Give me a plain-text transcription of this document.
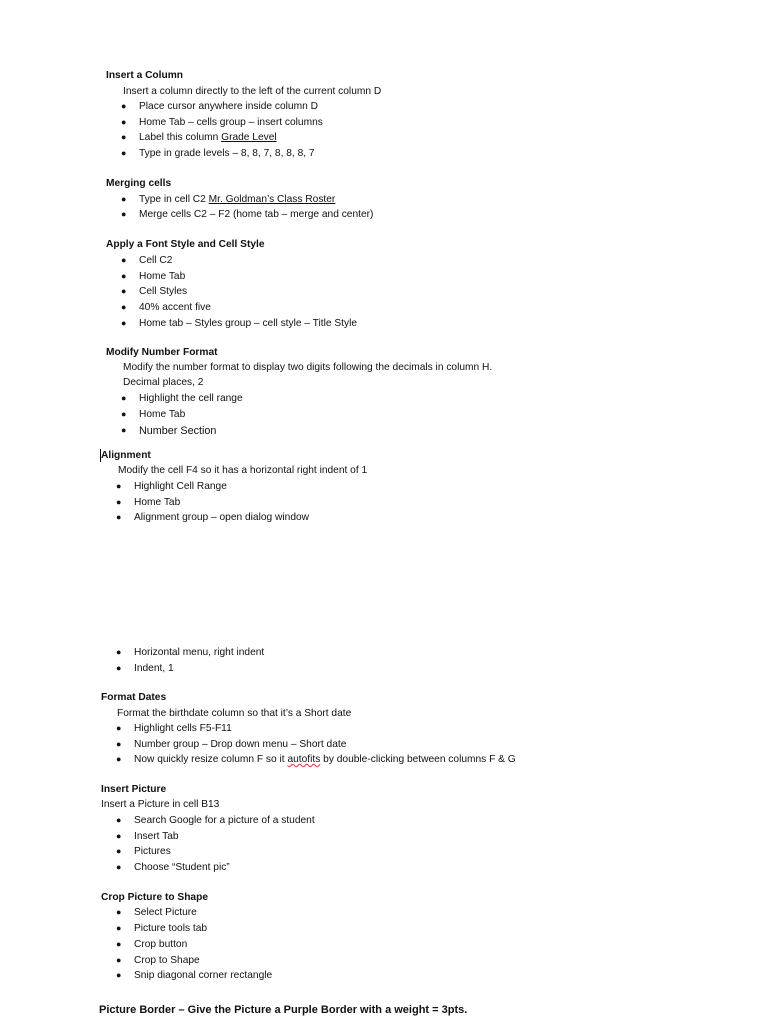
Insert a Column
Insert a column directly to the left of the current column D
● Place cursor anywhere inside column D
● Home Tab – cells group – insert columns
● Label this column Grade Level
● Type in grade levels – 8, 8, 7, 8, 8, 8, 7
Merging cells
● Type in cell C2 Mr. Goldman’s Class Roster
● Merge cells C2 – F2 (home tab – merge and center)
Apply a Font Style and Cell Style
● Cell C2
● Home Tab
● Cell Styles
● 40% accent five
● Home tab – Styles group – cell style – Title Style
Modify Number Format
Modify the number format to display two digits following the decimals in column H.
Decimal places, 2
● Highlight the cell range
● Home Tab
● Number Section
Alignment
Modify the cell F4 so it has a horizontal right indent of 1
● Highlight Cell Range
● Home Tab
● Alignment group – open dialog window
● Horizontal menu, right indent
● Indent, 1
Format Dates
Format the birthdate column so that it’s a Short date
● Highlight cells F5-F11
● Number group – Drop down menu – Short date
● Now quickly resize column F so it autofits by double-clicking between columns F & G
Insert Picture
Insert a Picture in cell B13
● Search Google for a picture of a student
● Insert Tab
● Pictures
● Choose “Student pic”
Crop Picture to Shape
● Select Picture
● Picture tools tab
● Crop button
● Crop to Shape
● Snip diagonal corner rectangle
Picture Border – Give the Picture a Purple Border with a weight = 3pts.
